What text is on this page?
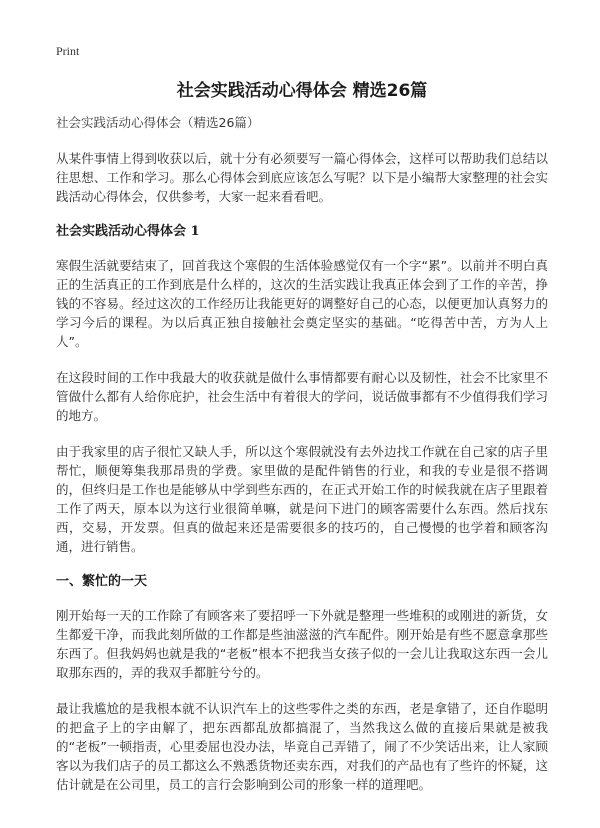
Print
社会实践活动心得体会 精选26篇
社会实践活动心得体会（精选26篇）

从某件事情上得到收获以后，就十分有必须要写一篇心得体会，这样可以帮助我们总结以往思想、工作和学习。那么心得体会到底应该怎么写呢？以下是小编帮大家整理的社会实践活动心得体会，仅供参考，大家一起来看看吧。

社会实践活动心得体会 1

寒假生活就要结束了，回首我这个寒假的生活体验感觉仅有一个字“累”。以前并不明白真正的生活真正的工作到底是什么样的，这次的生活实践让我真正体会到了工作的辛苦，挣钱的不容易。经过这次的工作经历让我能更好的调整好自己的心态，以便更加认真努力的学习今后的课程。为以后真正独自接触社会奠定坚实的基础。“吃得苦中苦，方为人上人”。

在这段时间的工作中我最大的收获就是做什么事情都要有耐心以及韧性，社会不比家里不管做什么都有人给你庇护，社会生活中有着很大的学问，说话做事都有不少值得我们学习的地方。

由于我家里的店子很忙又缺人手，所以这个寒假就没有去外边找工作就在自己家的店子里帮忙，顺便筹集我那昂贵的学费。家里做的是配件销售的行业，和我的专业是很不搭调的，但终归是工作也是能够从中学到些东西的，在正式开始工作的时候我就在店子里跟着工作了两天，原本以为这行业很简单嘛，就是问下进门的顾客需要什么东西。然后找东西，交易，开发票。但真的做起来还是需要很多的技巧的，自己慢慢的也学着和顾客沟通，进行销售。

一、繁忙的一天

刚开始每一天的工作除了有顾客来了要招呼一下外就是整理一些堆积的或刚进的新货，女生都爱干净，而我此刻所做的工作都是些油滋滋的汽车配件。刚开始是有些不愿意拿那些东西了。但我妈妈也就是我的“老板”根本不把我当女孩子似的一会儿让我取这东西一会儿取那东西的，弄的我双手都脏兮兮的。

最让我尴尬的是我根本就不认识汽车上的这些零件之类的东西，老是拿错了，还自作聪明的把盒子上的字由解了，把东西都乱放都搞混了，当然我这么做的直接后果就是被我的“老板”一顿指责，心里委屈也没办法，毕竟自己弄错了，闹了不少笑话出来，让人家顾客以为我们店子的员工都这么不熟悉货物还卖东西，对我们的产品也有了些许的怀疑，这估计就是在公司里，员工的言行会影响到公司的形象一样的道理吧。
